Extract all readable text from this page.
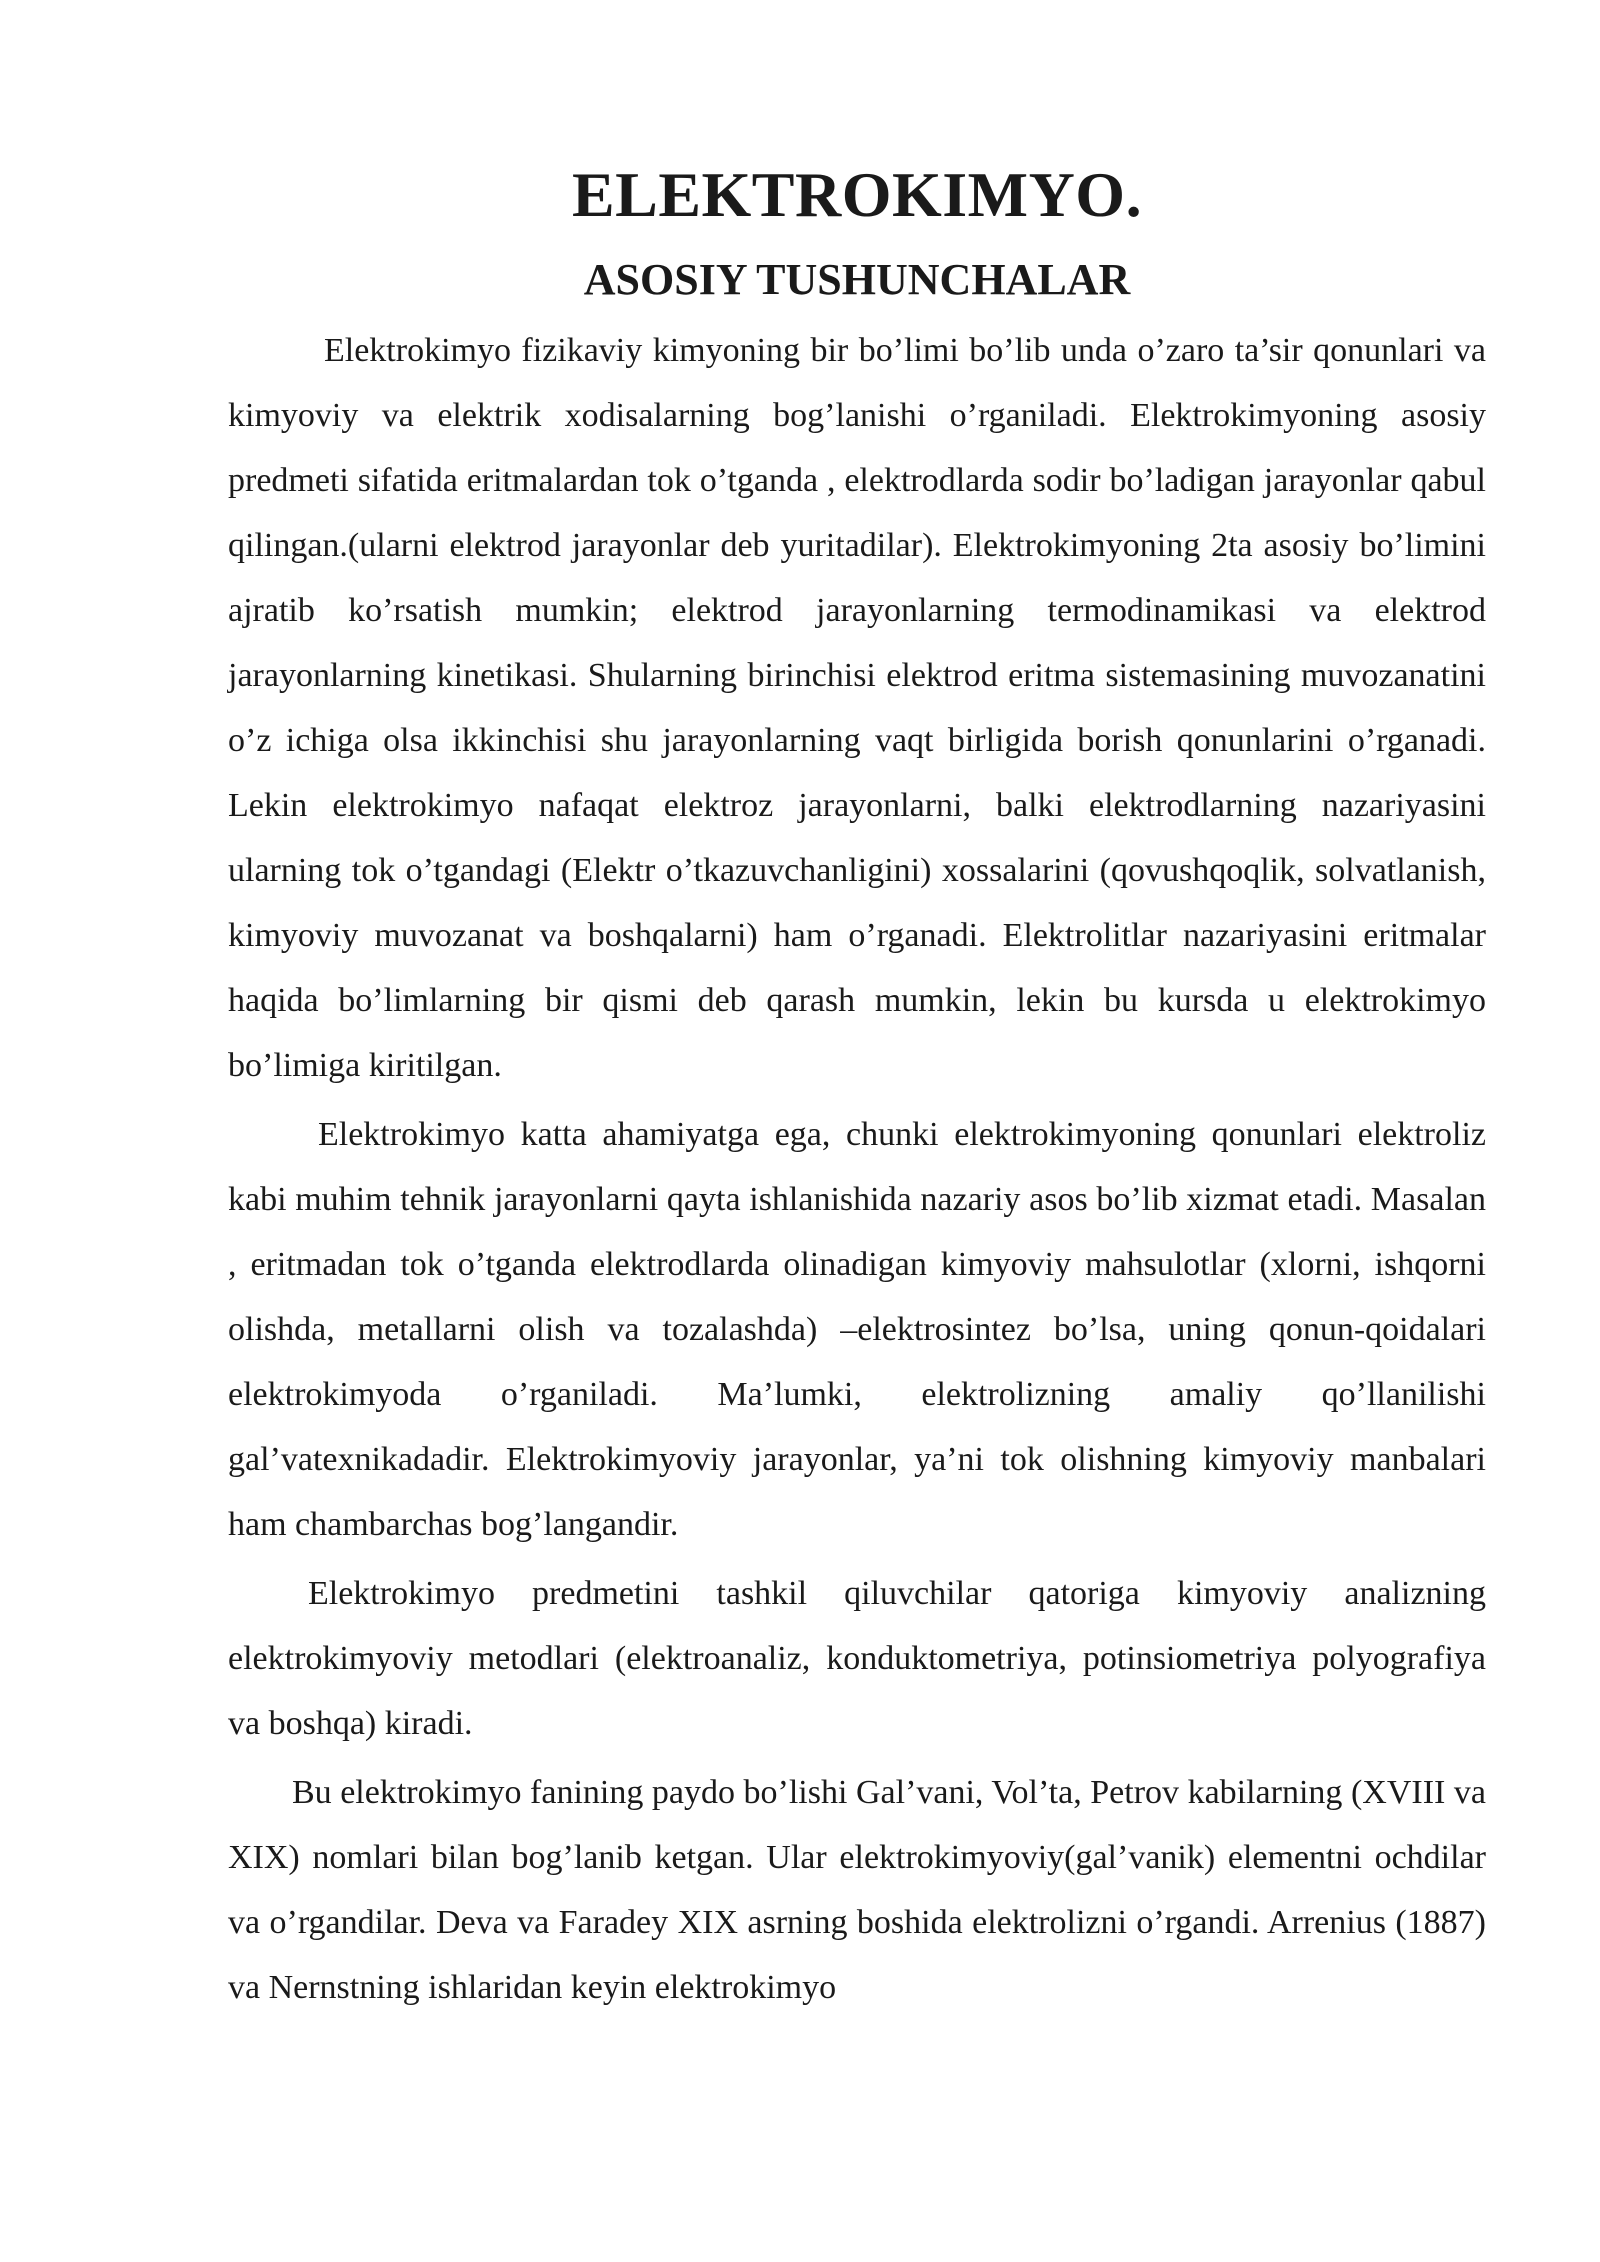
ELEKTROKIMYO.
ASOSIY TUSHUNCHALAR

Elektrokimyo fizikaviy kimyoning bir bo’limi bo’lib unda o’zaro ta’sir qonunlari va kimyoviy va elektrik xodisalarning bog’lanishi o’rganiladi. Elektrokimyoning asosiy predmeti sifatida eritmalardan tok o’tganda , elektrodlarda sodir bo’ladigan jarayonlar qabul qilingan.(ularni elektrod jarayonlar deb yuritadilar). Elektrokimyoning 2ta asosiy bo’limini ajratib ko’rsatish mumkin; elektrod jarayonlarning termodinamikasi va elektrod jarayonlarning kinetikasi. Shularning birinchisi elektrod eritma sistemasining muvozanatini o’z ichiga olsa ikkinchisi shu jarayonlarning vaqt birligida borish qonunlarini o’rganadi. Lekin elektrokimyo nafaqat elektroz jarayonlarni, balki elektrodlarning nazariyasini ularning tok o’tgandagi (Elektr o’tkazuvchanligini) xossalarini (qovushqoqlik, solvatlanish, kimyoviy muvozanat va boshqalarni) ham o’rganadi. Elektrolitlar nazariyasini eritmalar haqida bo’limlarning bir qismi deb qarash mumkin, lekin bu kursda u elektrokimyo bo’limiga kiritilgan.

Elektrokimyo katta ahamiyatga ega, chunki elektrokimyoning qonunlari elektroliz kabi muhim tehnik jarayonlarni qayta ishlanishida nazariy asos bo’lib xizmat etadi. Masalan , eritmadan tok o’tganda elektrodlarda olinadigan kimyoviy mahsulotlar (xlorni, ishqorni olishda, metallarni olish va tozalashda) –elektrosintez bo’lsa, uning qonun-qoidalari elektrokimyoda o’rganiladi. Ma’lumki, elektrolizning amaliy qo’llanilishi gal’vatexnikadadir. Elektrokimyoviy jarayonlar, ya’ni tok olishning kimyoviy manbalari ham chambarchas bog’langandir.

Elektrokimyo predmetini tashkil qiluvchilar qatoriga kimyoviy analizning elektrokimyoviy metodlari (elektroanaliz, konduktometriya, potinsiometriya polyografiya va boshqa) kiradi.

Bu elektrokimyo fanining paydo bo’lishi Gal’vani, Vol’ta, Petrov kabilarning (XVIII va XIX) nomlari bilan bog’lanib ketgan. Ular elektrokimyoviy(gal’vanik) elementni ochdilar va o’rgandilar. Deva va Faradey XIX asrning boshida elektrolizni o’rgandi. Arrenius (1887) va Nernstning ishlaridan keyin elektrokimyo
